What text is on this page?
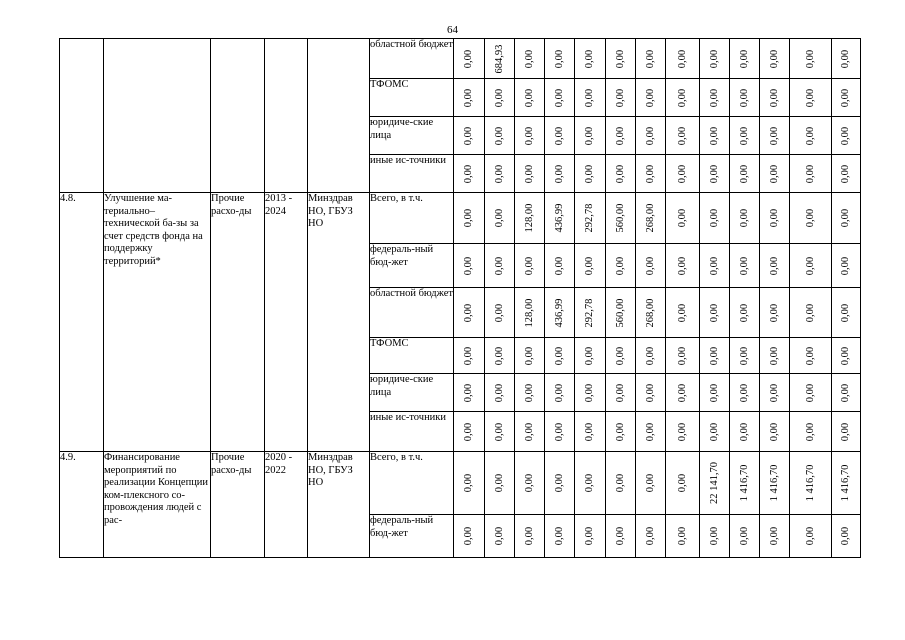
64
					областной бюджет	0,00	684,93	0,00	0,00	0,00	0,00	0,00	0,00	0,00	0,00	0,00	0,00	0,00

					ТФОМС	0,00	0,00	0,00	0,00	0,00	0,00	0,00	0,00	0,00	0,00	0,00	0,00	0,00

					юридиче-ские лица	0,00	0,00	0,00	0,00	0,00	0,00	0,00	0,00	0,00	0,00	0,00	0,00	0,00

					иные ис-точники	0,00	0,00	0,00	0,00	0,00	0,00	0,00	0,00	0,00	0,00	0,00	0,00	0,00

4.8.	Улучшение ма-териально–технической ба-зы за счет средств фонда на поддержку территорий*	Прочие расхо-ды	2013 - 2024	Минздрав НО, ГБУЗ НО	Всего, в т.ч.	0,00	0,00	128,00	436,99	292,78	560,00	268,00	0,00	0,00	0,00	0,00	0,00	0,00

					федераль-ный бюд-жет	0,00	0,00	0,00	0,00	0,00	0,00	0,00	0,00	0,00	0,00	0,00	0,00	0,00

					областной бюджет	0,00	0,00	128,00	436,99	292,78	560,00	268,00	0,00	0,00	0,00	0,00	0,00	0,00

					ТФОМС	0,00	0,00	0,00	0,00	0,00	0,00	0,00	0,00	0,00	0,00	0,00	0,00	0,00

					юридиче-ские лица	0,00	0,00	0,00	0,00	0,00	0,00	0,00	0,00	0,00	0,00	0,00	0,00	0,00

					иные ис-точники	0,00	0,00	0,00	0,00	0,00	0,00	0,00	0,00	0,00	0,00	0,00	0,00	0,00

4.9.	Финансирование мероприятий по реализации Концепции ком-плексного со-провождения людей с рас-	Прочие расхо-ды	2020 - 2022	Минздрав НО, ГБУЗ НО	Всего, в т.ч.	0,00	0,00	0,00	0,00	0,00	0,00	0,00	0,00	22 141,70	1 416,70	1 416,70	1 416,70	1 416,70

					федераль-ный бюд-жет	0,00	0,00	0,00	0,00	0,00	0,00	0,00	0,00	0,00	0,00	0,00	0,00	0,00
